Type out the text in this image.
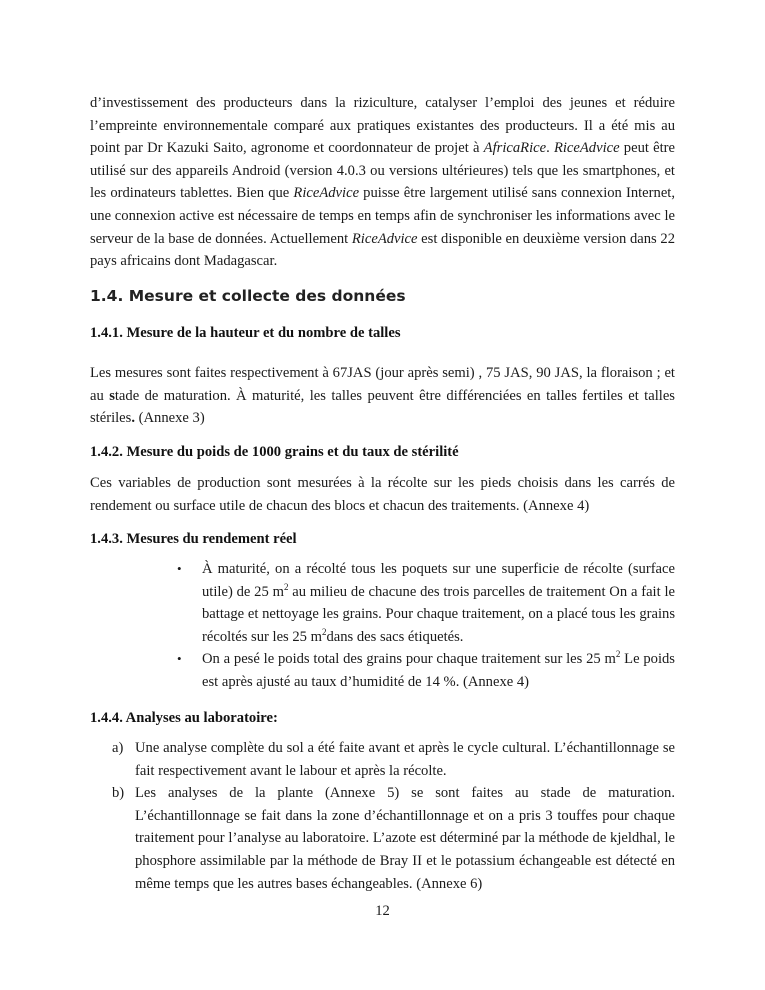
d’investissement des producteurs dans la riziculture, catalyser l’emploi des jeunes et réduire l’empreinte environnementale comparé aux pratiques existantes des producteurs. Il a été mis au point par Dr Kazuki Saito, agronome et coordonnateur de projet à AfricaRice. RiceAdvice peut être utilisé sur des appareils Android (version 4.0.3 ou versions ultérieures) tels que les smartphones, et les ordinateurs tablettes. Bien que RiceAdvice puisse être largement utilisé sans connexion Internet, une connexion active est nécessaire de temps en temps afin de synchroniser les informations avec le serveur de la base de données. Actuellement RiceAdvice est disponible en deuxième version dans 22 pays africains dont Madagascar.

1.4. Mesure et collecte des données
1.4.1. Mesure de la hauteur et du nombre de talles

Les mesures sont faites respectivement à 67JAS (jour après semi) , 75 JAS, 90 JAS, la floraison ; et au stade de maturation. À maturité, les talles peuvent être différenciées en talles fertiles et talles stériles. (Annexe 3)

1.4.2. Mesure du poids de 1000 grains et du taux de stérilité

Ces variables de production sont mesurées à la récolte sur les pieds choisis dans les carrés de rendement ou surface utile de chacun des blocs et chacun des traitements. (Annexe 4)

1.4.3. Mesures du rendement réel
• À maturité, on a récolté tous les poquets sur une superficie de récolte (surface utile) de 25 $m^2$ au milieu de chacune des trois parcelles de traitement On a fait le battage et nettoyage les grains. Pour chaque traitement, on a placé tous les grains récoltés sur les 25 $m^2dans$ des sacs étiquetés.
• On a pesé le poids total des grains pour chaque traitement sur les 25 $m^2$ Le poids est après ajusté au taux d’humidité de 14 %. (Annexe 4)
1.4.4. Analyses au laboratoire:
a) Une analyse complète du sol a été faite avant et après le cycle cultural. L’échantillonnage se fait respectivement avant le labour et après la récolte.
b) Les analyses de la plante (Annexe 5) se sont faites au stade de maturation. L’échantillonnage se fait dans la zone d’échantillonnage et on a pris 3 touffes pour chaque traitement pour l’analyse au laboratoire. L’azote est déterminé par la méthode de kjeldhal, le phosphore assimilable par la méthode de Bray II et le potassium échangeable est détecté en même temps que les autres bases échangeables. (Annexe 6)

12
